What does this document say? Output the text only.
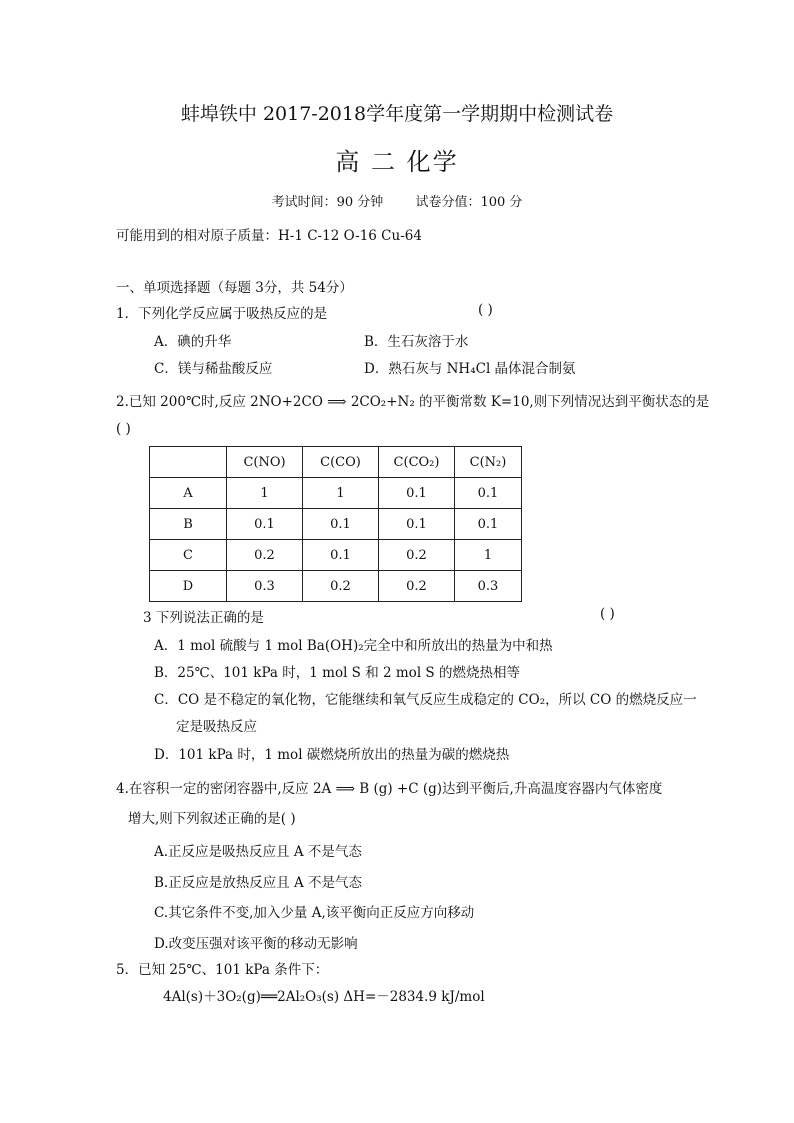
蚌埠铁中 2017-2018学年度第一学期期中检测试卷
高 二 化学
考试时间：90 分钟 试卷分值：100 分
可能用到的相对原子质量：H-1 C-12 O-16 Cu-64
一、单项选择题（每题 3分，共 54分）
1．下列化学反应属于吸热反应的是	( )
A．碘的升华	B．生石灰溶于水
C．镁与稀盐酸反应	D．熟石灰与 NH₄Cl 晶体混合制氨
2.已知 200℃时,反应 2NO+2CO ⟹ 2CO₂+N₂ 的平衡常数 K=10,则下列情况达到平衡状态的是
( )
	C(NO)	C(CO)	C(CO₂)	C(N₂)
A	1	1	0.1	0.1
B	0.1	0.1	0.1	0.1
C	0.2	0.1	0.2	1
D	0.3	0.2	0.2	0.3
3 下列说法正确的是	( )
A．1 mol 硫酸与 1 mol Ba(OH)₂完全中和所放出的热量为中和热
B．25℃、101 kPa 时，1 mol S 和 2 mol S 的燃烧热相等
C．CO 是不稳定的氧化物，它能继续和氧气反应生成稳定的 CO₂，所以 CO 的燃烧反应一
定是吸热反应
D．101 kPa 时，1 mol 碳燃烧所放出的热量为碳的燃烧热
4.在容积一定的密闭容器中,反应 2A ⟹ B (g) +C (g)达到平衡后,升高温度容器内气体密度
增大,则下列叙述正确的是( )
A.正反应是吸热反应且 A 不是气态
B.正反应是放热反应且 A 不是气态
C.其它条件不变,加入少量 A,该平衡向正反应方向移动
D.改变压强对该平衡的移动无影响
5．已知 25℃、101 kPa 条件下：
4Al(s)＋3O₂(g)══2Al₂O₃(s) ΔH=－2834.9 kJ/mol
